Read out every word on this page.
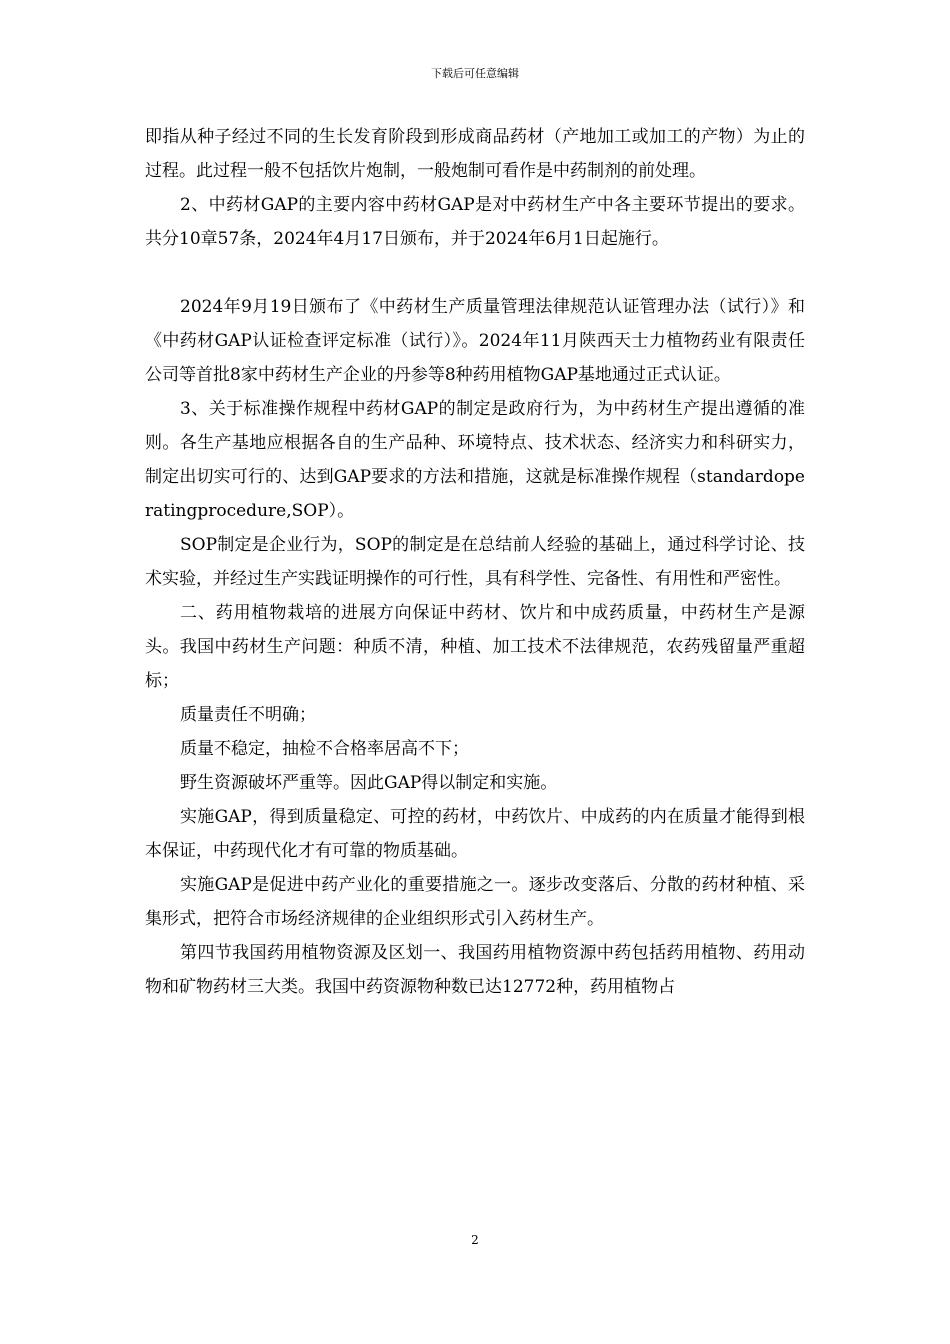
下载后可任意编辑

即指从种子经过不同的生长发育阶段到形成商品药材（产地加工或加工的产物）为止的过程。此过程一般不包括饮片炮制，一般炮制可看作是中药制剂的前处理。

2、中药材GAP的主要内容中药材GAP是对中药材生产中各主要环节提出的要求。共分10章57条，2024年4月17日颁布，并于2024年6月1日起施行。

2024年9月19日颁布了《中药材生产质量管理法律规范认证管理办法（试行）》和《中药材GAP认证检查评定标准（试行）》。2024年11月陕西天士力植物药业有限责任公司等首批8家中药材生产企业的丹参等8种药用植物GAP基地通过正式认证。

3、关于标准操作规程中药材GAP的制定是政府行为，为中药材生产提出遵循的准则。各生产基地应根据各自的生产品种、环境特点、技术状态、经济实力和科研实力，制定出切实可行的、达到GAP要求的方法和措施，这就是标准操作规程（standardoperatingprocedure,SOP）。

SOP制定是企业行为，SOP的制定是在总结前人经验的基础上，通过科学讨论、技术实验，并经过生产实践证明操作的可行性，具有科学性、完备性、有用性和严密性。

二、药用植物栽培的进展方向保证中药材、饮片和中成药质量，中药材生产是源头。我国中药材生产问题：种质不清，种植、加工技术不法律规范，农药残留量严重超标；

质量责任不明确；

质量不稳定，抽检不合格率居高不下；

野生资源破坏严重等。因此GAP得以制定和实施。

实施GAP，得到质量稳定、可控的药材，中药饮片、中成药的内在质量才能得到根本保证，中药现代化才有可靠的物质基础。

实施GAP是促进中药产业化的重要措施之一。逐步改变落后、分散的药材种植、采集形式，把符合市场经济规律的企业组织形式引入药材生产。

第四节我国药用植物资源及区划一、我国药用植物资源中药包括药用植物、药用动物和矿物药材三大类。我国中药资源物种数已达12772种，药用植物占

2
